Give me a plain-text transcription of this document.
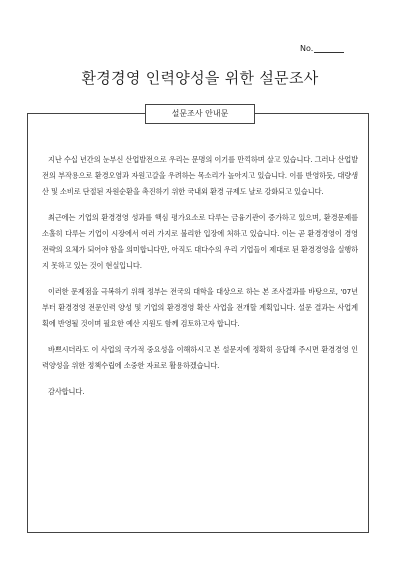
No.
환경경영 인력양성을 위한 설문조사
설문조사 안내문

지난 수십 년간의 눈부신 산업발전으로 우리는 문명의 이기를 만끽하며 살고 있습니다. 그러나 산업발전의 부작용으로 환경오염과 자원고갈을 우려하는 목소리가 높아지고 있습니다. 이를 반영하듯, 대량생산 및 소비로 단절된 자원순환을 촉진하기 위한 국내외 환경 규제도 날로 강화되고 있습니다.

최근에는 기업의 환경경영 성과를 핵심 평가요소로 다루는 금융기관이 증가하고 있으며, 환경문제를 소홀히 다루는 기업이 시장에서 여러 가지로 불리한 입장에 처하고 있습니다. 이는 곧 환경경영이 경영전략의 요체가 되어야 함을 의미합니다만, 아직도 대다수의 우리 기업들이 제대로 된 환경경영을 실행하지 못하고 있는 것이 현실입니다.

이러한 문제점을 극복하기 위해 정부는 전국의 대학을 대상으로 하는 본 조사결과를 바탕으로, '07년부터 환경경영 전문인력 양성 및 기업의 환경경영 확산 사업을 전개할 계획입니다. 설문 결과는 사업계획에 반영될 것이며 필요한 예산 지원도 함께 검토하고자 합니다.

바쁘시더라도 이 사업의 국가적 중요성을 이해하시고 본 설문지에 정확히 응답해 주시면 환경경영 인력양성을 위한 정책수립에 소중한 자료로 활용하겠습니다.

감사합니다.
